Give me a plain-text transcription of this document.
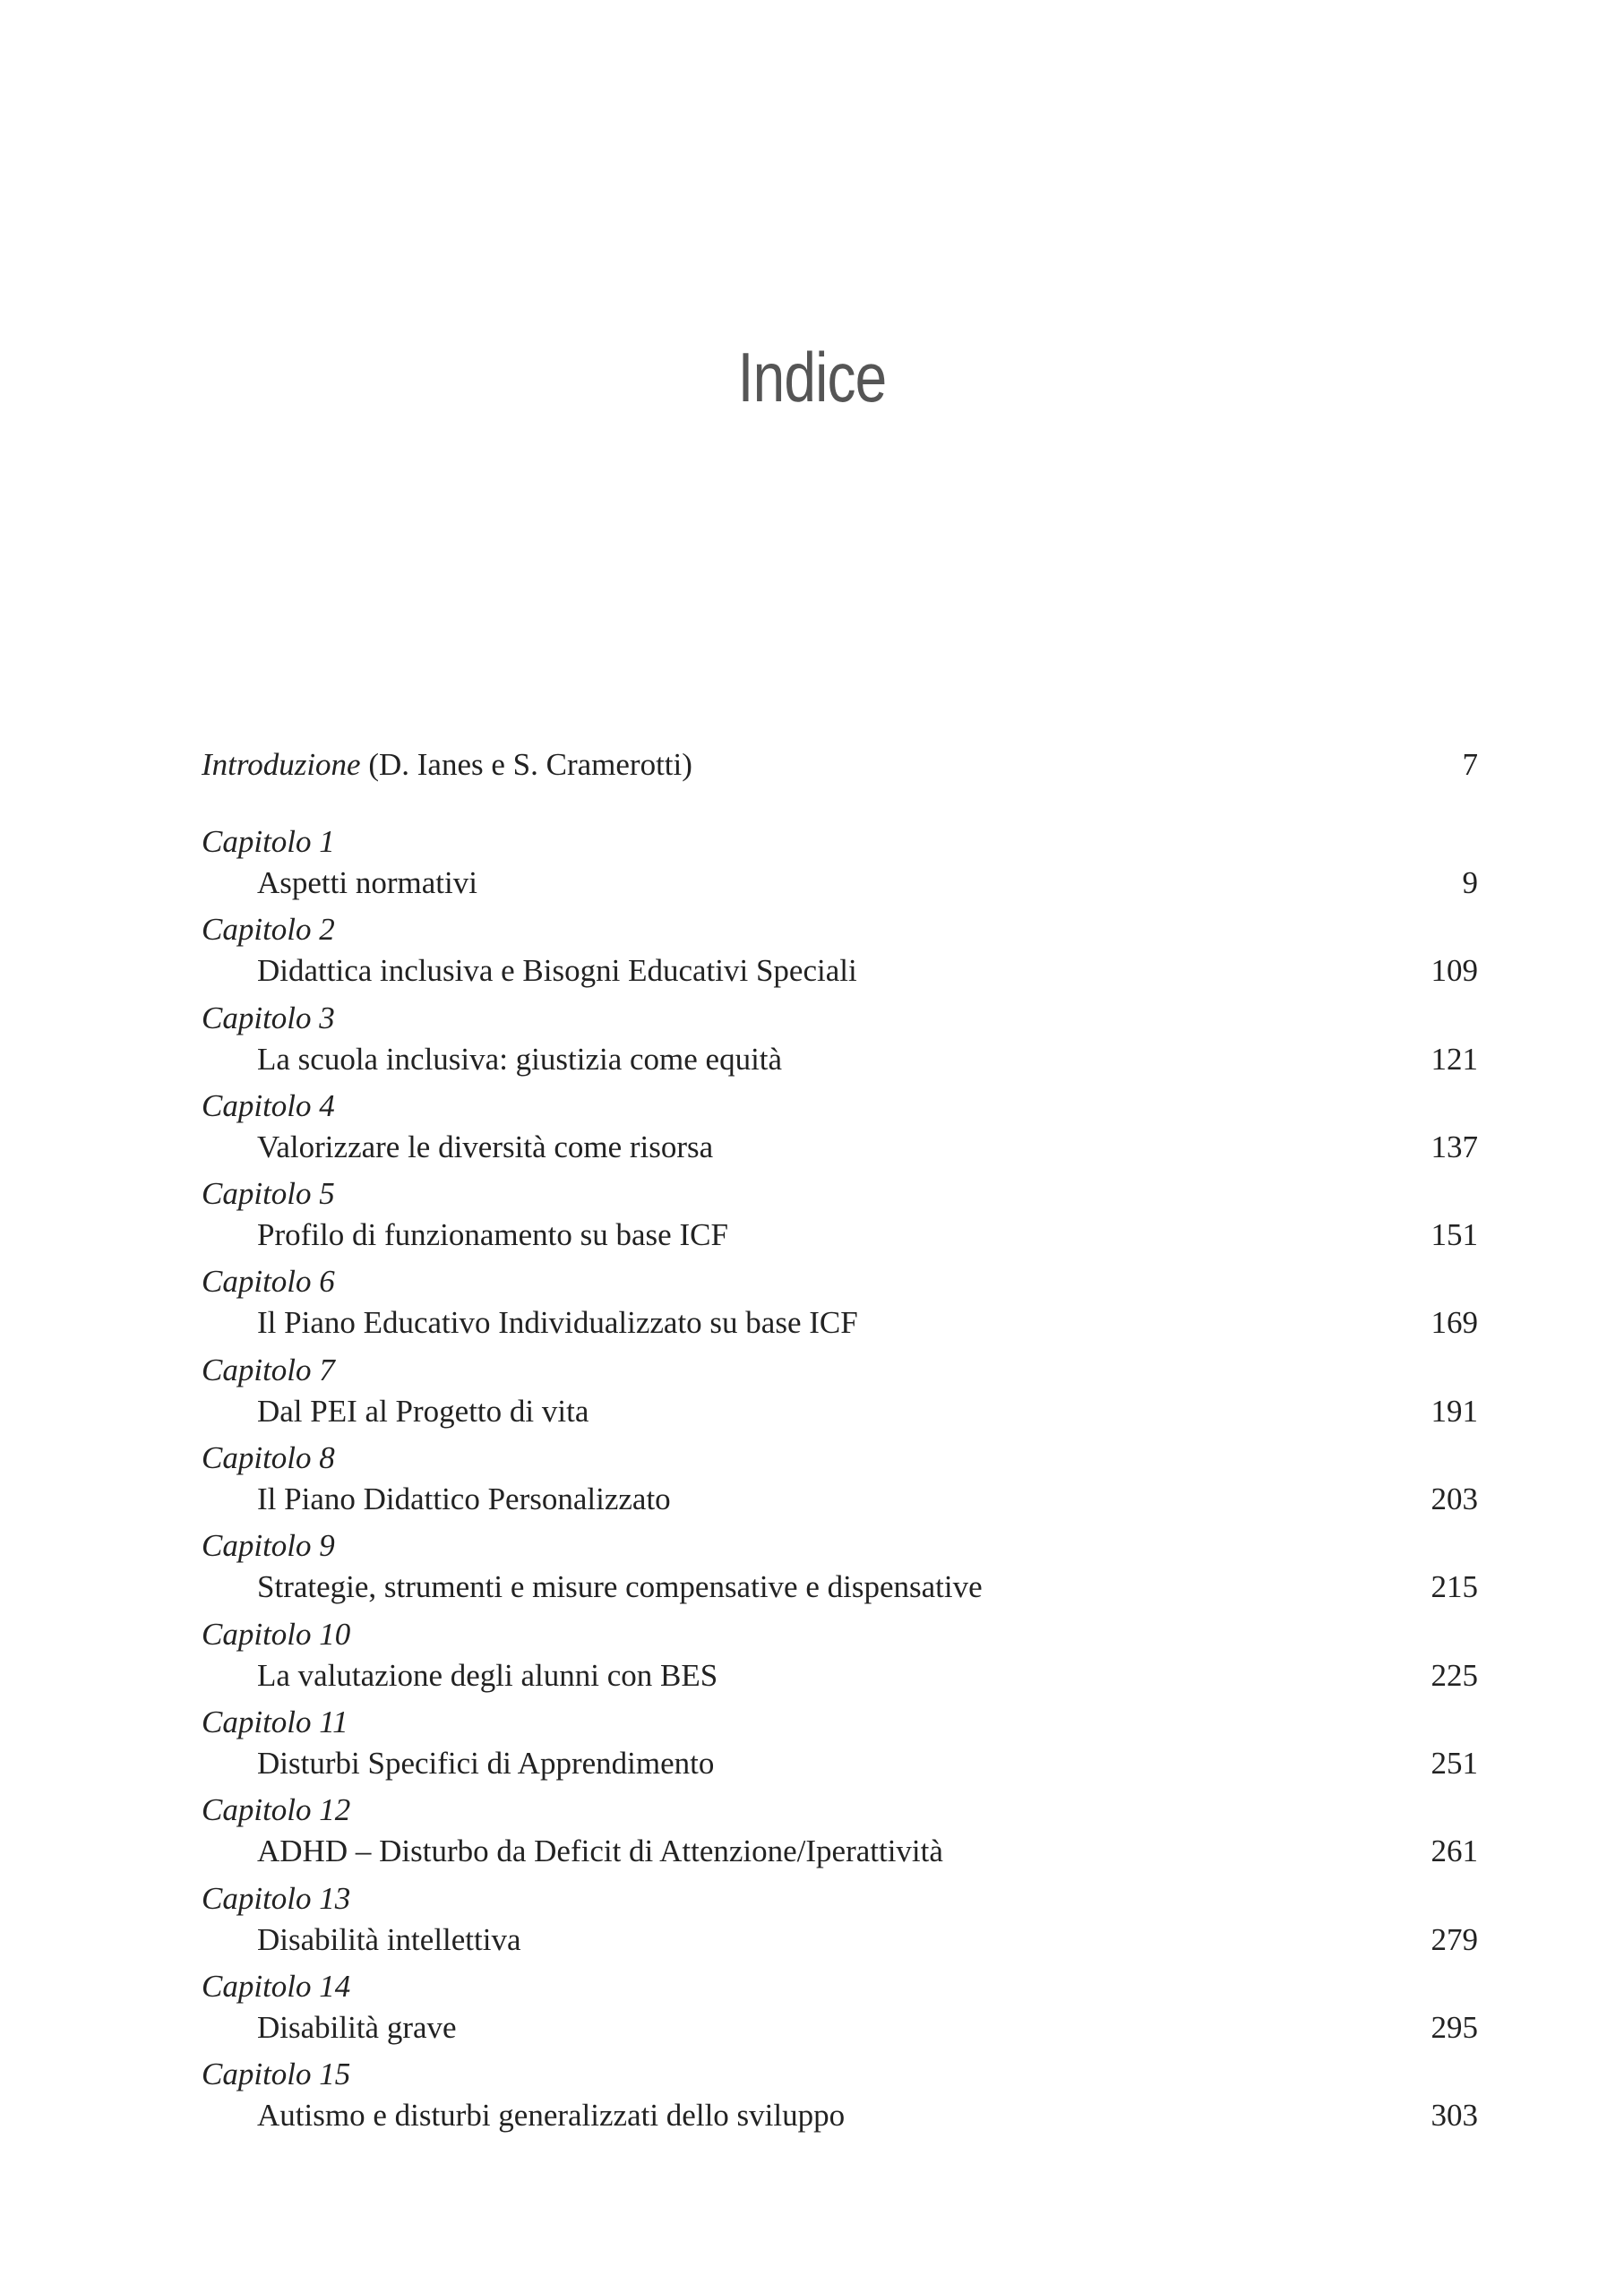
Indice
Introduzione (D. Ianes e S. Cramerotti)	7
Capitolo 1
Aspetti normativi	9
Capitolo 2
Didattica inclusiva e Bisogni Educativi Speciali	109
Capitolo 3
La scuola inclusiva: giustizia come equità	121
Capitolo 4
Valorizzare le diversità come risorsa	137
Capitolo 5
Profilo di funzionamento su base ICF	151
Capitolo 6
Il Piano Educativo Individualizzato su base ICF	169
Capitolo 7
Dal PEI al Progetto di vita	191
Capitolo 8
Il Piano Didattico Personalizzato	203
Capitolo 9
Strategie, strumenti e misure compensative e dispensative	215
Capitolo 10
La valutazione degli alunni con BES	225
Capitolo 11
Disturbi Specifici di Apprendimento	251
Capitolo 12
ADHD – Disturbo da Deficit di Attenzione/Iperattività	261
Capitolo 13
Disabilità intellettiva	279
Capitolo 14
Disabilità grave	295
Capitolo 15
Autismo e disturbi generalizzati dello sviluppo	303
